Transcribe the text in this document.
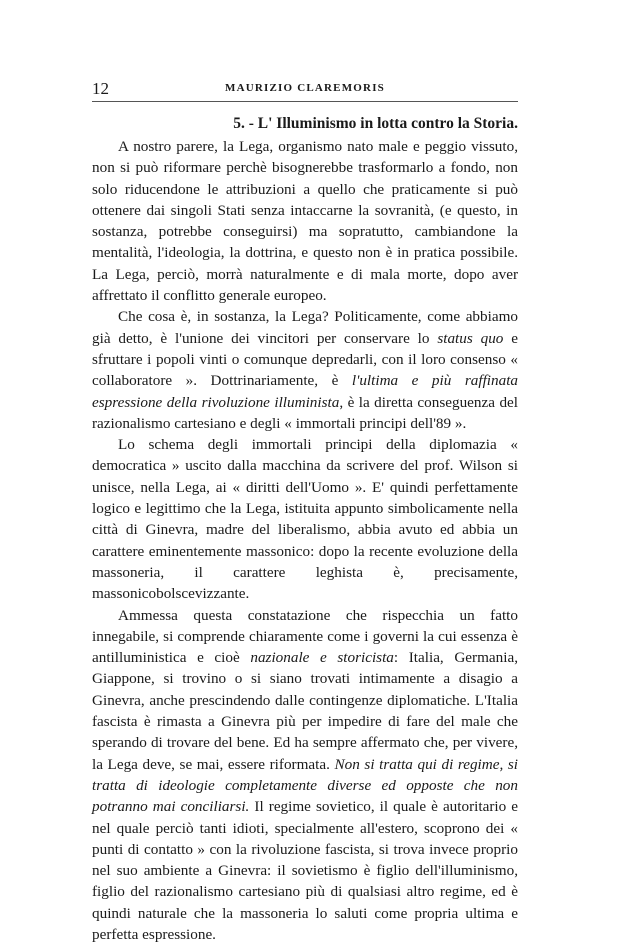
12	MAURIZIO CLAREMORIS
5. - L' Illuminismo in lotta contro la Storia.

A nostro parere, la Lega, organismo nato male e peggio vissuto, non si può riformare perchè bisognerebbe trasformarlo a fondo, non solo riducendone le attribuzioni a quello che praticamente si può ottenere dai singoli Stati senza intaccarne la sovranità, (e questo, in sostanza, potrebbe conseguirsi) ma sopratutto, cambiandone la mentalità, l'ideologia, la dottrina, e questo non è in pratica possibile. La Lega, perciò, morrà naturalmente e di mala morte, dopo aver affrettato il conflitto generale europeo.

Che cosa è, in sostanza, la Lega? Politicamente, come abbiamo già detto, è l'unione dei vincitori per conservare lo status quo e sfruttare i popoli vinti o comunque depredarli, con il loro consenso « collaboratore ». Dottrinariamente, è l'ultima e più raffinata espressione della rivoluzione illuminista, è la diretta conseguenza del razionalismo cartesiano e degli « immortali principi dell'89 ».

Lo schema degli immortali principi della diplomazia « democratica » uscito dalla macchina da scrivere del prof. Wilson si unisce, nella Lega, ai « diritti dell'Uomo ». E' quindi perfettamente logico e legittimo che la Lega, istituita appunto simbolicamente nella città di Ginevra, madre del liberalismo, abbia avuto ed abbia un carattere eminentemente massonico: dopo la recente evoluzione della massoneria, il carattere leghista è, precisamente, massonicobolscevizzante.

Ammessa questa constatazione che rispecchia un fatto innegabile, si comprende chiaramente come i governi la cui essenza è antilluministica e cioè nazionale e storicista: Italia, Germania, Giappone, si trovino o si siano trovati intimamente a disagio a Ginevra, anche prescindendo dalle contingenze diplomatiche. L'Italia fascista è rimasta a Ginevra più per impedire di fare del male che sperando di trovare del bene. Ed ha sempre affermato che, per vivere, la Lega deve, se mai, essere riformata. Non si tratta qui di regime, si tratta di ideologie completamente diverse ed opposte che non potranno mai conciliarsi. Il regime sovietico, il quale è autoritario e nel quale perciò tanti idioti, specialmente all'estero, scoprono dei « punti di contatto » con la rivoluzione fascista, si trova invece proprio nel suo ambiente a Ginevra: il sovietismo è figlio dell'illuminismo, figlio del razionalismo cartesiano più di qualsiasi altro regime, ed è quindi naturale che la massoneria lo saluti come propria ultima e perfetta espressione.
